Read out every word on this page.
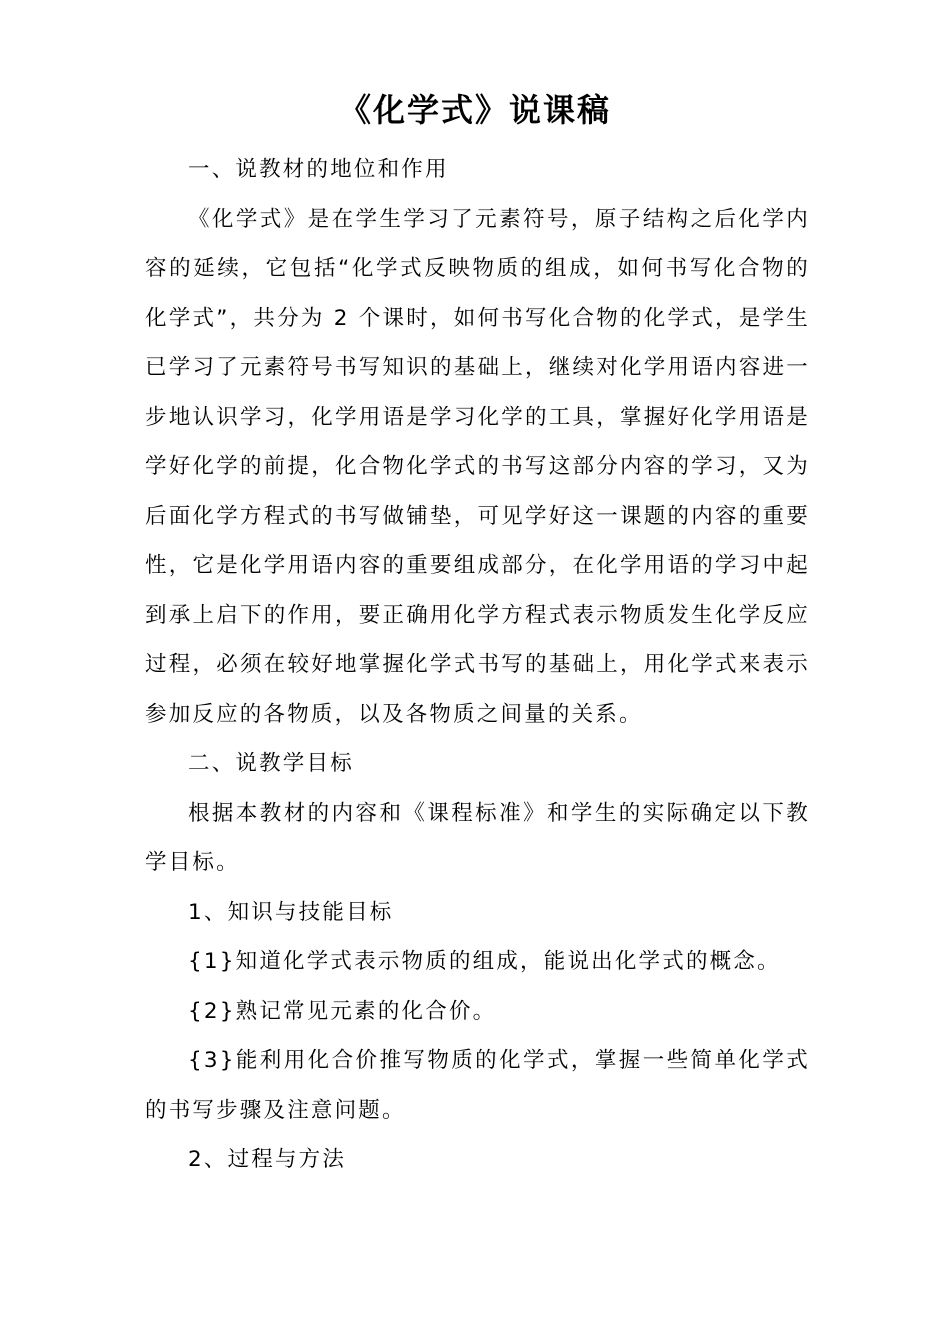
《化学式》说课稿

一、说教材的地位和作用

《化学式》是在学生学习了元素符号，原子结构之后化学内容的延续，它包括“化学式反映物质的组成，如何书写化合物的化学式”，共分为 2 个课时，如何书写化合物的化学式，是学生已学习了元素符号书写知识的基础上，继续对化学用语内容进一步地认识学习，化学用语是学习化学的工具，掌握好化学用语是学好化学的前提，化合物化学式的书写这部分内容的学习，又为后面化学方程式的书写做铺垫，可见学好这一课题的内容的重要性，它是化学用语内容的重要组成部分，在化学用语的学习中起到承上启下的作用，要正确用化学方程式表示物质发生化学反应过程，必须在较好地掌握化学式书写的基础上，用化学式来表示参加反应的各物质，以及各物质之间量的关系。

二、说教学目标

根据本教材的内容和《课程标准》和学生的实际确定以下教学目标。

1、知识与技能目标

{1}知道化学式表示物质的组成，能说出化学式的概念。

{2}熟记常见元素的化合价。

{3}能利用化合价推写物质的化学式，掌握一些简单化学式的书写步骤及注意问题。

2、过程与方法
